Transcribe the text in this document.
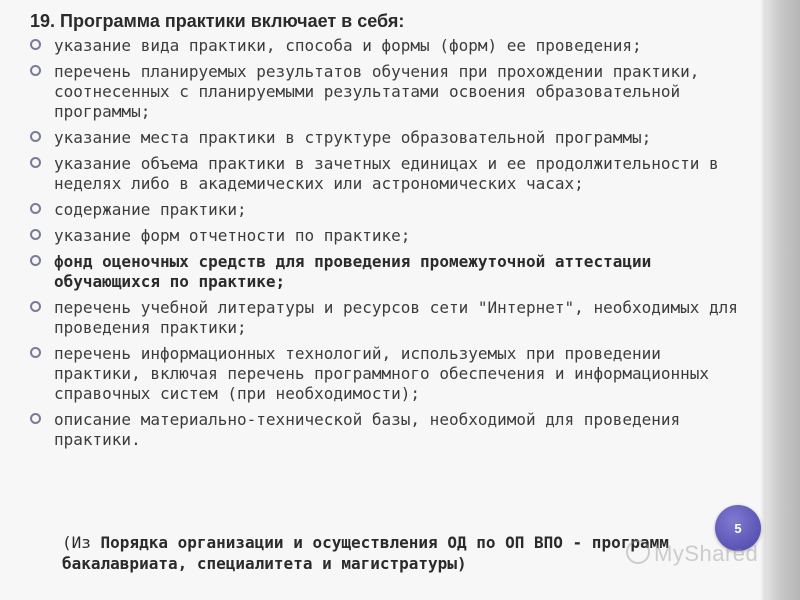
19. Программа практики включает в себя:
указание вида практики, способа и формы (форм) ее проведения;
перечень планируемых результатов обучения при прохождении практики, соотнесенных с планируемыми результатами освоения образовательной программы;
указание места практики в структуре образовательной программы;
указание объема практики в зачетных единицах и ее продолжительности в неделях либо в академических или астрономических часах;
содержание практики;
указание форм отчетности по практике;
фонд оценочных средств для проведения промежуточной аттестации обучающихся по практике;
перечень учебной литературы и ресурсов сети "Интернет", необходимых для проведения практики;
перечень информационных технологий, используемых при проведении практики, включая перечень программного обеспечения и информационных справочных систем (при необходимости);
описание материально-технической базы, необходимой для проведения практики.
(Из Порядка организации и осуществления ОД по ОП ВПО - программ бакалавриата, специалитета и магистратуры)
5
MyShared
